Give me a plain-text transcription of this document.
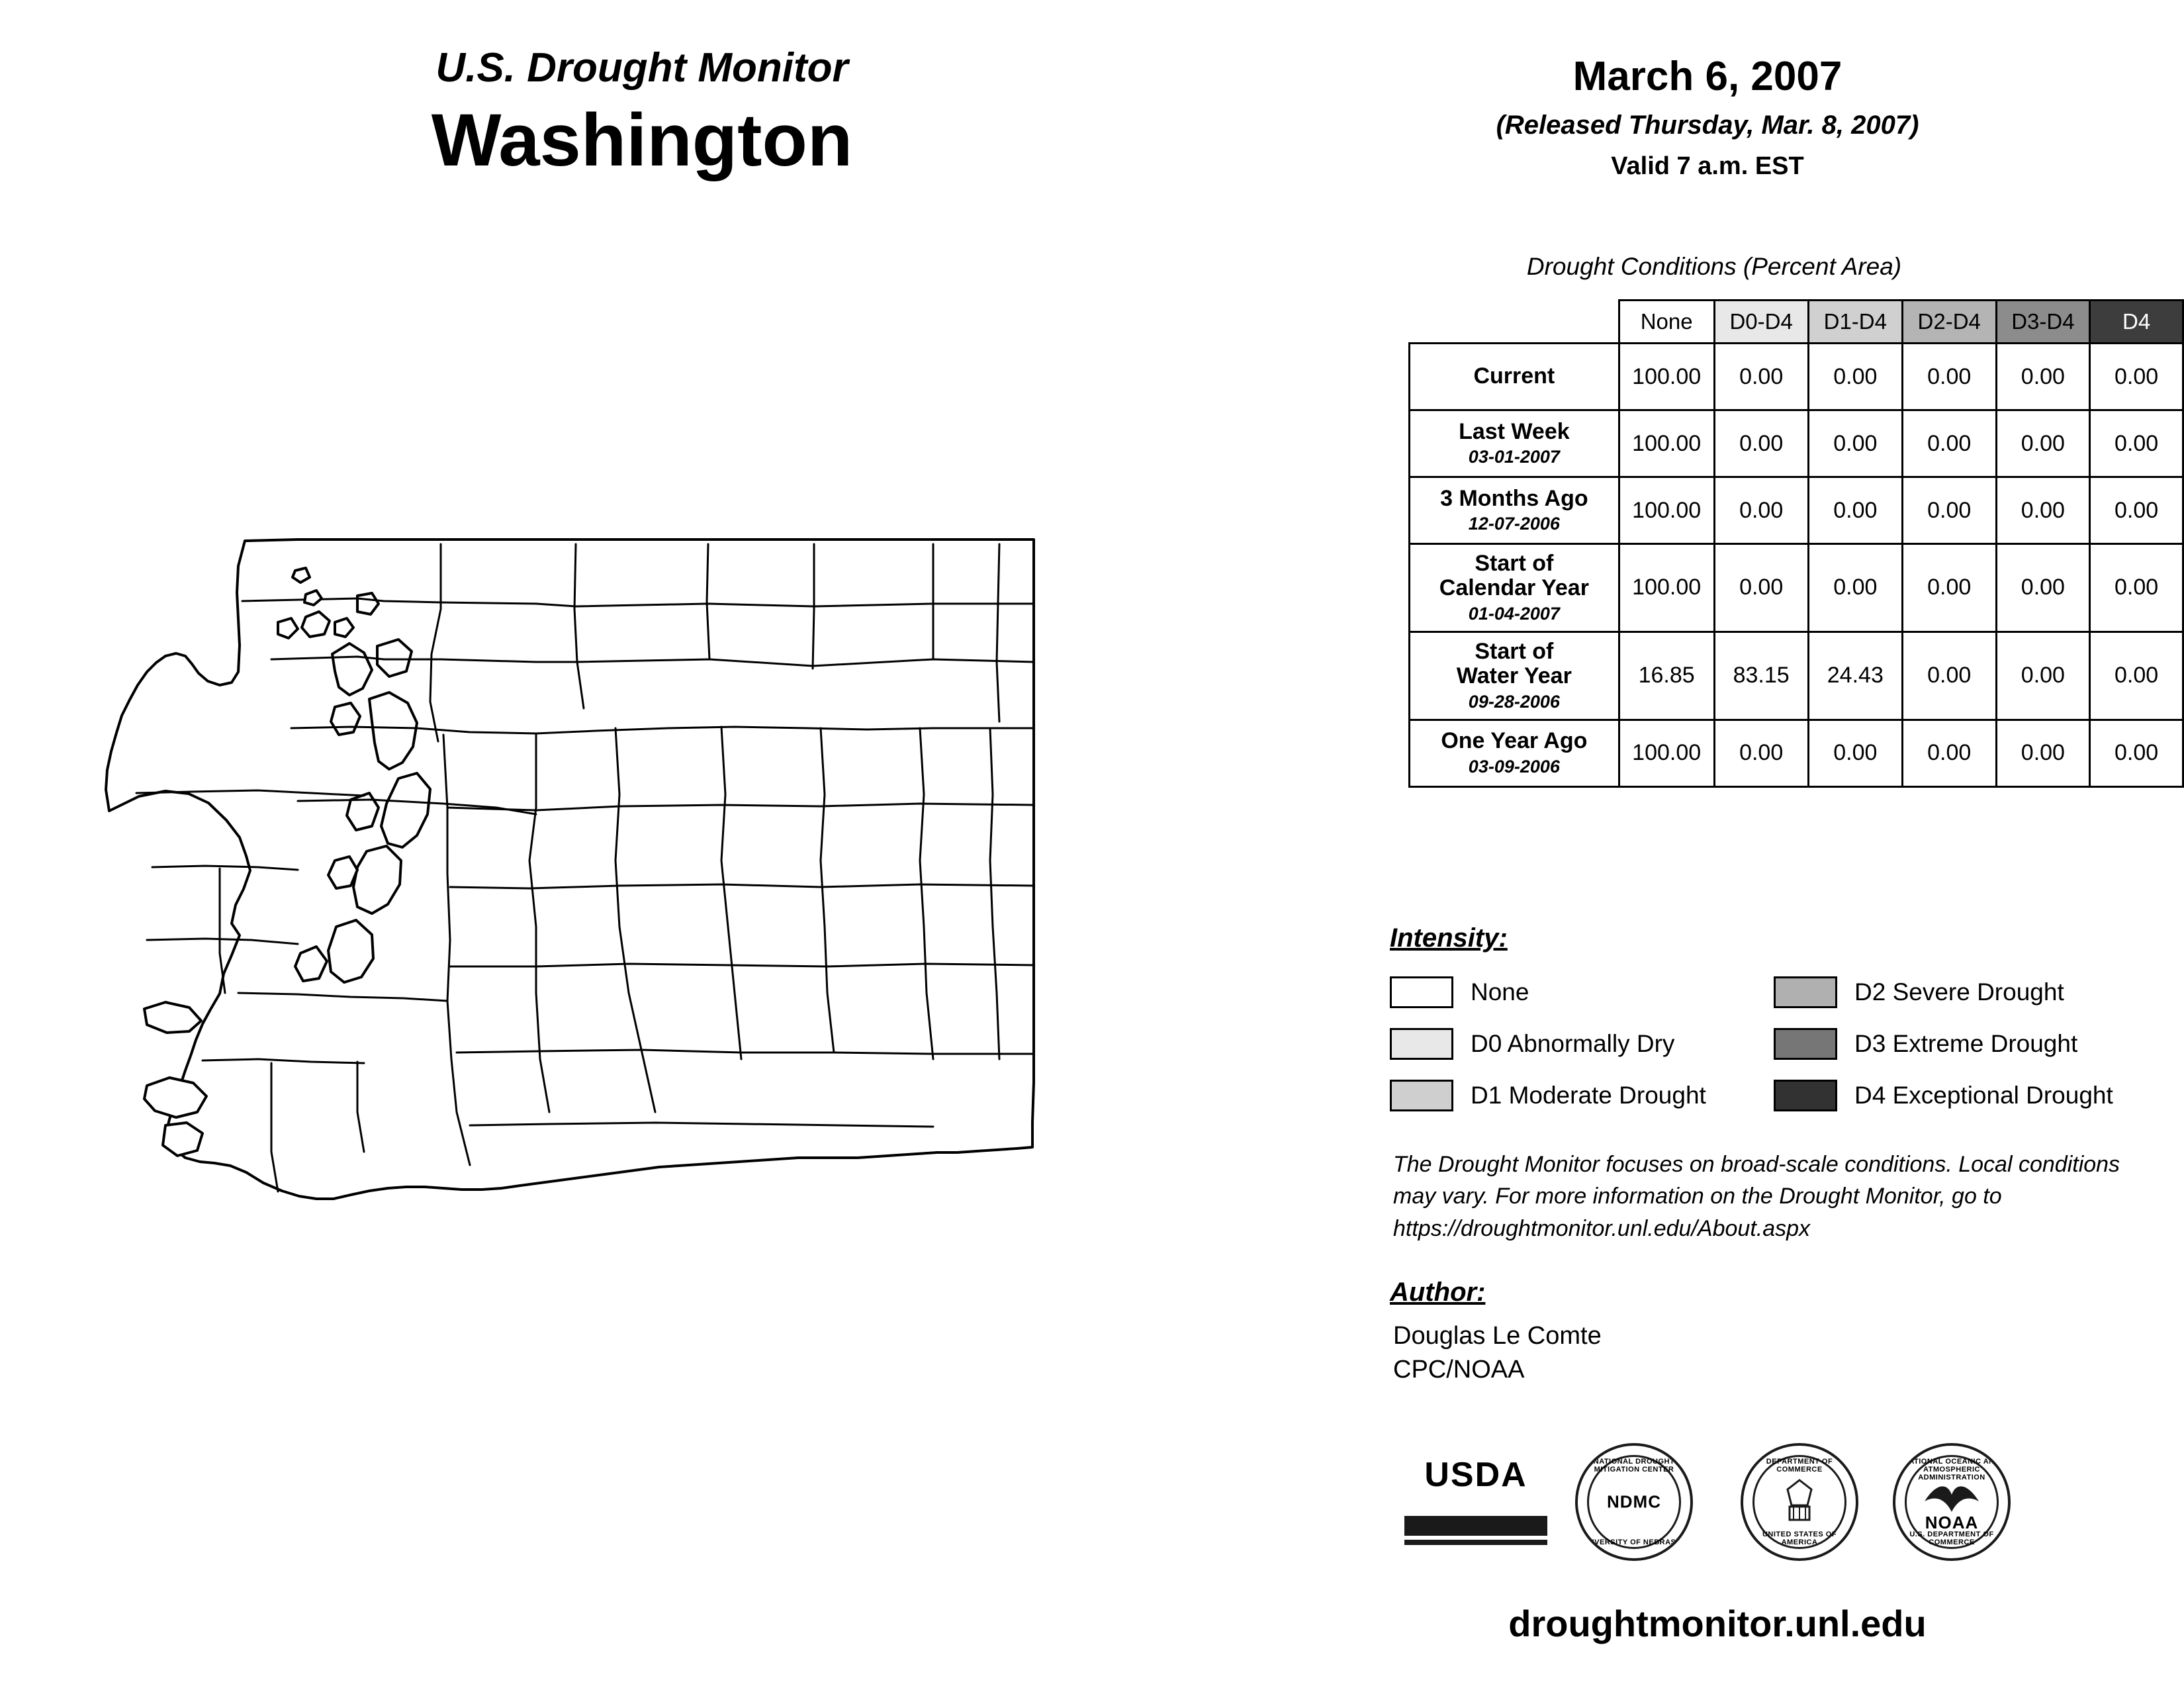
U.S. Drought Monitor
Washington
March 6, 2007
(Released Thursday, Mar. 8, 2007)
Valid 7 a.m. EST
Drought Conditions (Percent Area)
	None	D0-D4	D1-D4	D2-D4	D3-D4	D4

Current	100.00	0.00	0.00	0.00	0.00	0.00

Last Week
03-01-2007	100.00	0.00	0.00	0.00	0.00	0.00

3 Months Ago
12-07-2006	100.00	0.00	0.00	0.00	0.00	0.00

Start of
Calendar Year
01-04-2007	100.00	0.00	0.00	0.00	0.00	0.00

Start of
Water Year
09-28-2006	16.85	83.15	24.43	0.00	0.00	0.00

One Year Ago
03-09-2006	100.00	0.00	0.00	0.00	0.00	0.00
Intensity:
None
D0 Abnormally Dry
D1 Moderate Drought
D2 Severe Drought
D3 Extreme Drought
D4 Exceptional Drought
The Drought Monitor focuses on broad-scale conditions. Local conditions may vary. For more information on the Drought Monitor, go to https://droughtmonitor.unl.edu/About.aspx
Author:
Douglas Le Comte
CPC/NOAA
USDA	NATIONAL DROUGHT MITIGATION CENTER
NDMC
UNIVERSITY OF NEBRASKA
DEPARTMENT OF COMMERCE
UNITED STATES OF AMERICA
NATIONAL OCEANIC AND ATMOSPHERIC ADMINISTRATION
NOAA
U.S. DEPARTMENT OF COMMERCE
droughtmonitor.unl.edu
